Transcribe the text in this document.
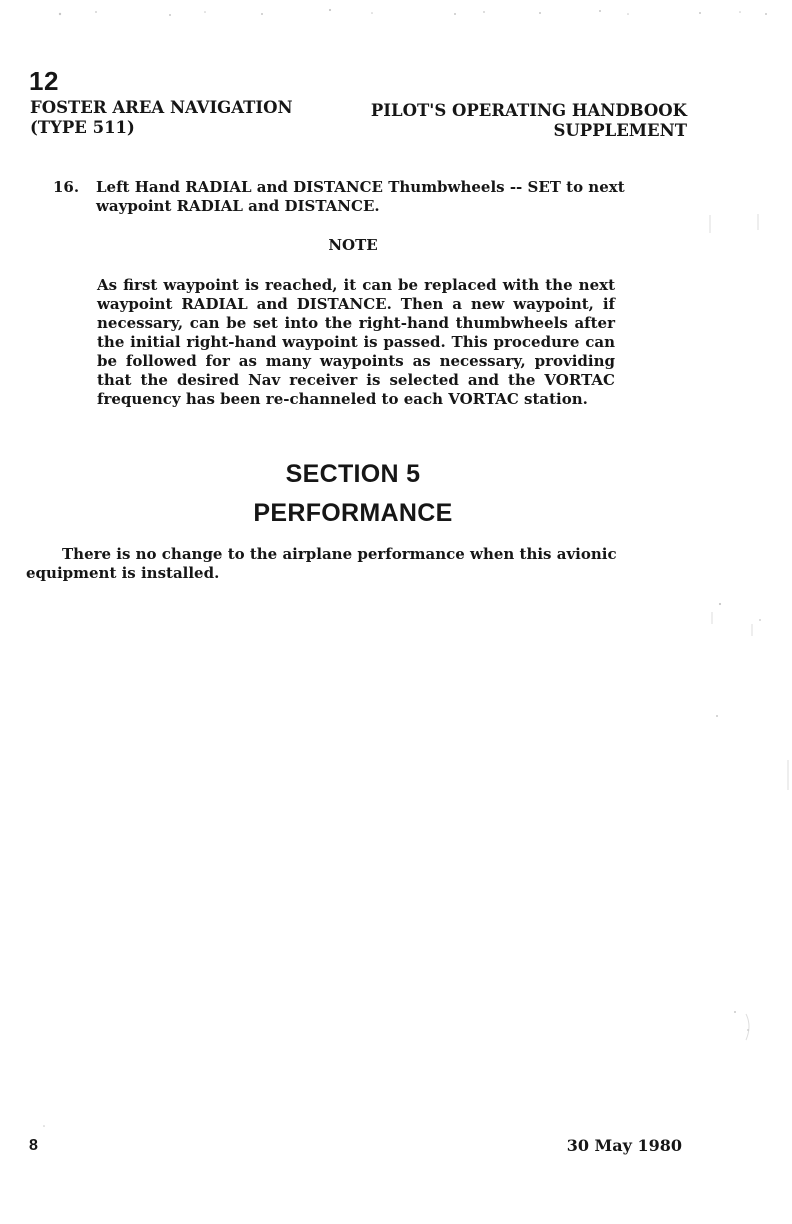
12
FOSTER AREA NAVIGATION
(TYPE 511)
PILOT'S OPERATING HANDBOOK
SUPPLEMENT
16. Left Hand RADIAL and DISTANCE Thumbwheels -- SET to next waypoint RADIAL and DISTANCE.
NOTE
As first waypoint is reached, it can be replaced with the next waypoint RADIAL and DISTANCE. Then a new waypoint, if necessary, can be set into the right-hand thumbwheels after the initial right-hand waypoint is passed. This procedure can be followed for as many waypoints as necessary, providing that the desired Nav receiver is selected and the VORTAC frequency has been re-channeled to each VORTAC station.
SECTION 5
PERFORMANCE
There is no change to the airplane performance when this avionic equipment is installed.
8	30 May 1980
